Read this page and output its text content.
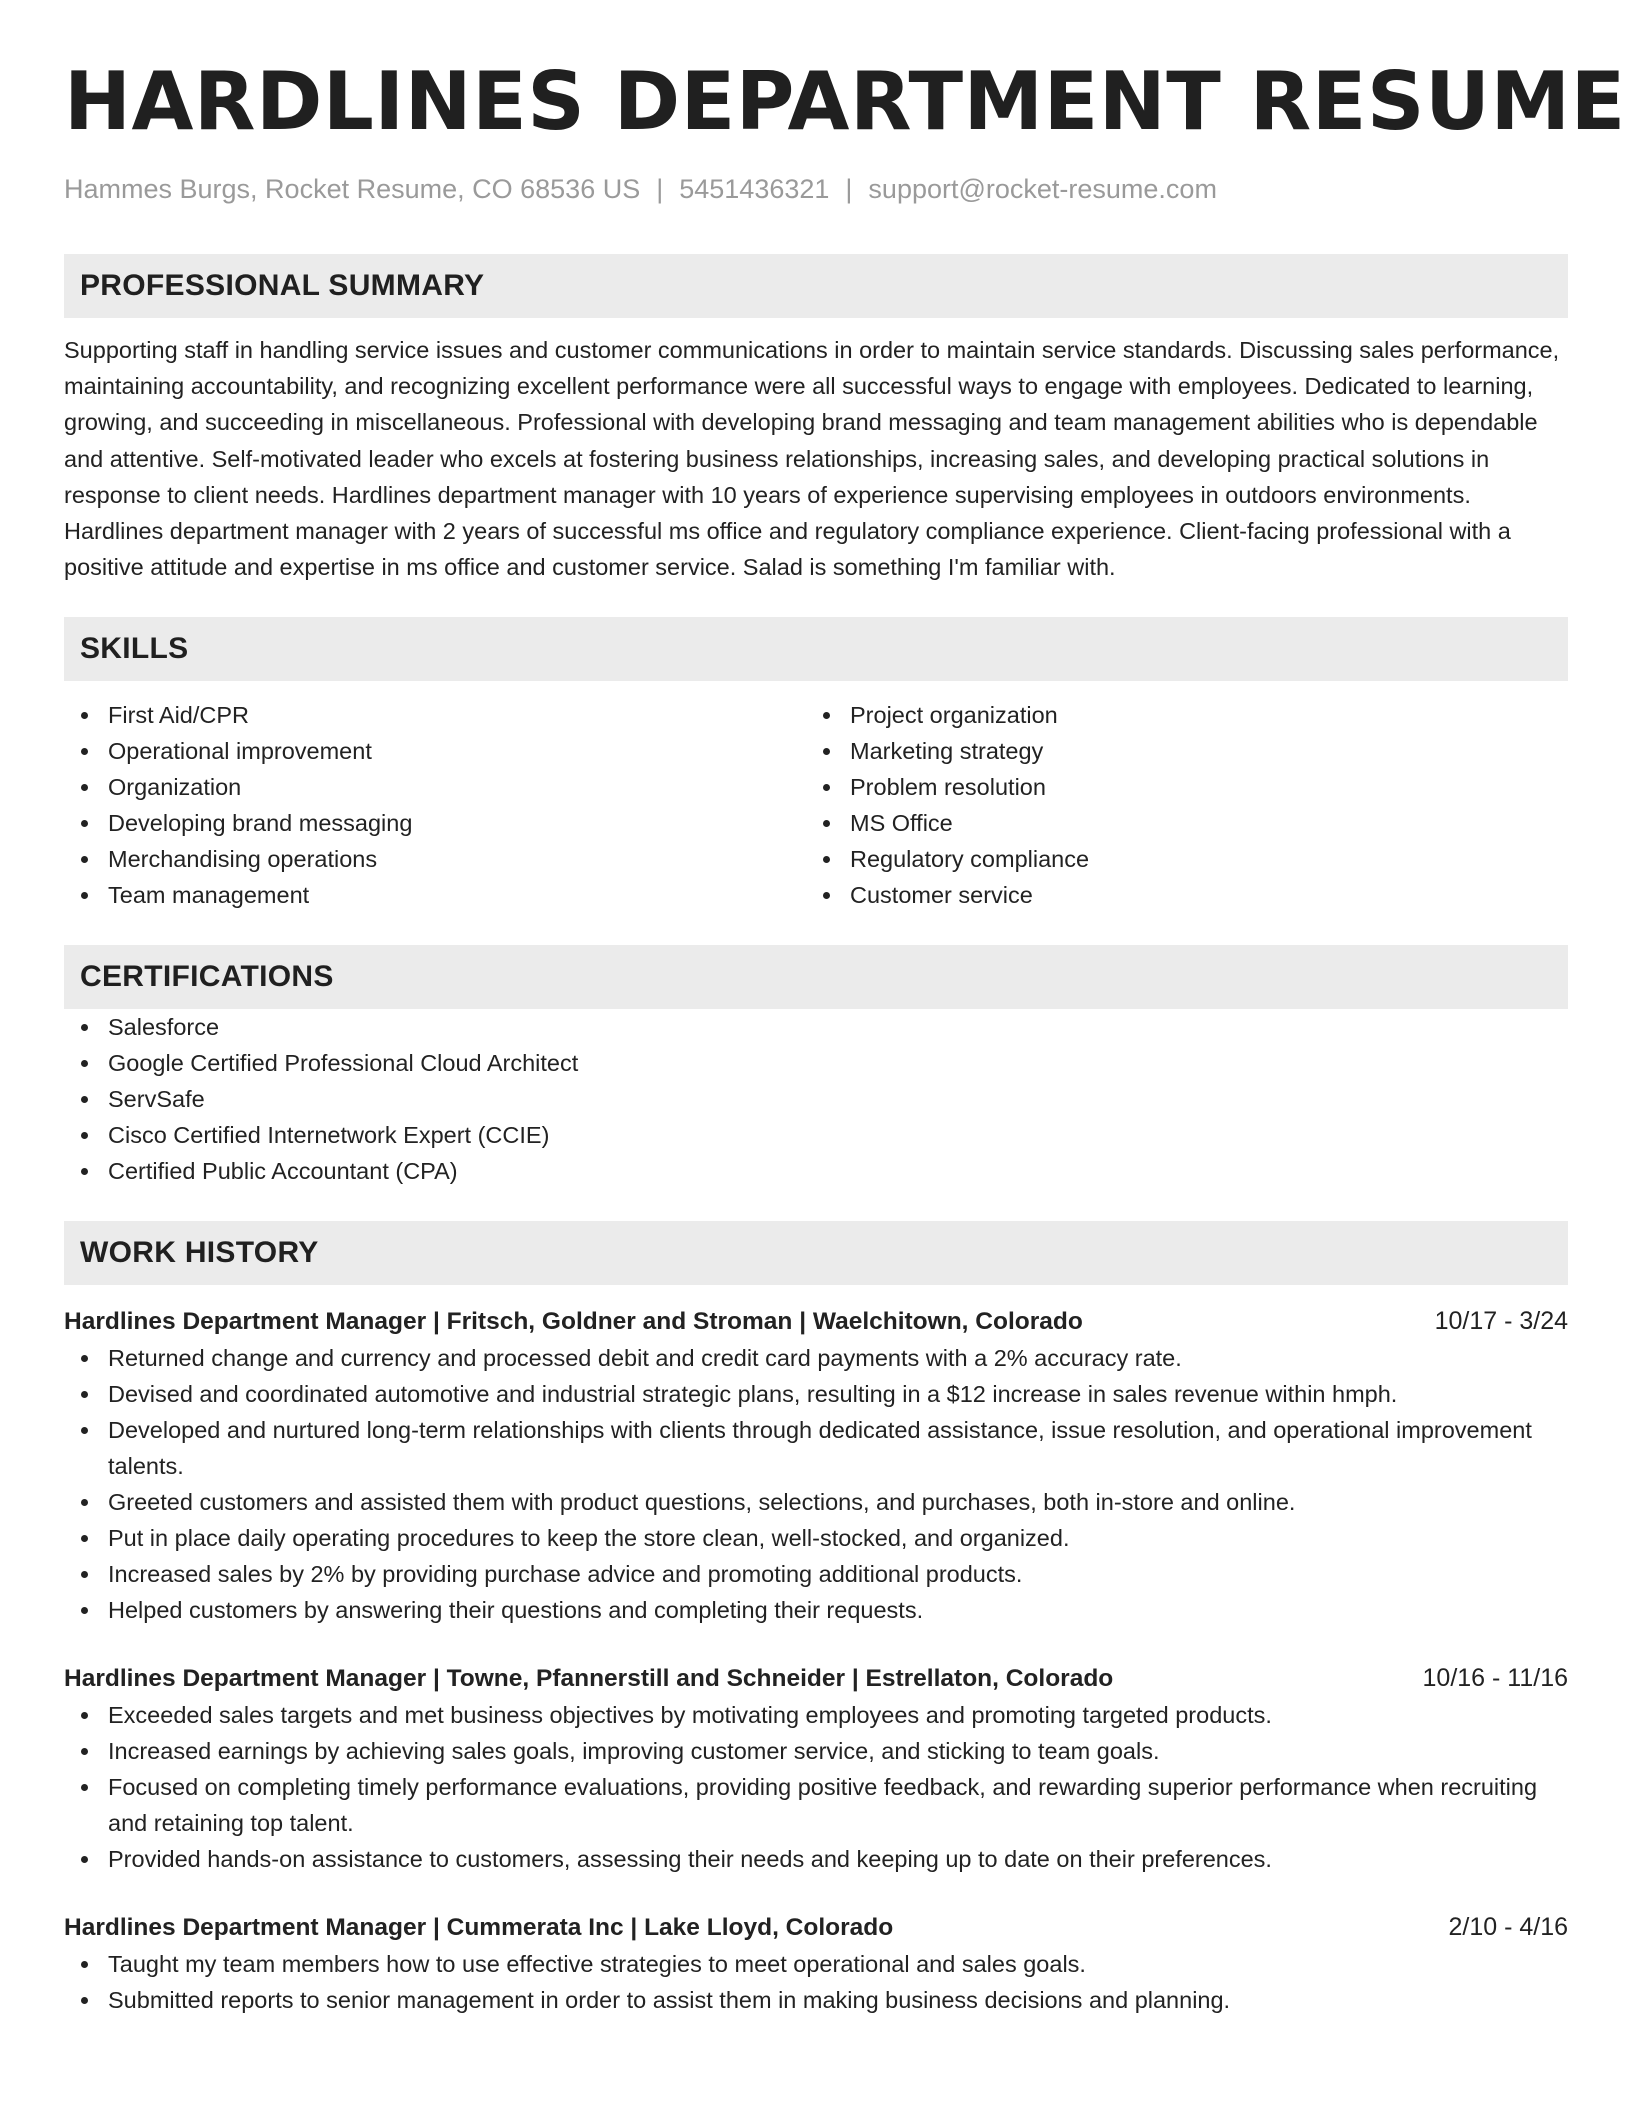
HARDLINES DEPARTMENT RESUME
Hammes Burgs, Rocket Resume, CO 68536 US | 5451436321 | support@rocket-resume.com
PROFESSIONAL SUMMARY

Supporting staff in handling service issues and customer communications in order to maintain service standards. Discussing sales performance, maintaining accountability, and recognizing excellent performance were all successful ways to engage with employees. Dedicated to learning, growing, and succeeding in miscellaneous. Professional with developing brand messaging and team management abilities who is dependable and attentive. Self-motivated leader who excels at fostering business relationships, increasing sales, and developing practical solutions in response to client needs. Hardlines department manager with 10 years of experience supervising employees in outdoors environments. Hardlines department manager with 2 years of successful ms office and regulatory compliance experience. Client-facing professional with a positive attitude and expertise in ms office and customer service. Salad is something I'm familiar with.

SKILLS
First Aid/CPR
Operational improvement
Organization
Developing brand messaging
Merchandising operations
Team management
Project organization
Marketing strategy
Problem resolution
MS Office
Regulatory compliance
Customer service
CERTIFICATIONS
Salesforce
Google Certified Professional Cloud Architect
ServSafe
Cisco Certified Internetwork Expert (CCIE)
Certified Public Accountant (CPA)
WORK HISTORY
Hardlines Department Manager | Fritsch, Goldner and Stroman | Waelchitown, Colorado	10/17 - 3/24
Returned change and currency and processed debit and credit card payments with a 2% accuracy rate.
Devised and coordinated automotive and industrial strategic plans, resulting in a $12 increase in sales revenue within hmph.
Developed and nurtured long-term relationships with clients through dedicated assistance, issue resolution, and operational improvement talents.
Greeted customers and assisted them with product questions, selections, and purchases, both in-store and online.
Put in place daily operating procedures to keep the store clean, well-stocked, and organized.
Increased sales by 2% by providing purchase advice and promoting additional products.
Helped customers by answering their questions and completing their requests.
Hardlines Department Manager | Towne, Pfannerstill and Schneider | Estrellaton, Colorado	10/16 - 11/16
Exceeded sales targets and met business objectives by motivating employees and promoting targeted products.
Increased earnings by achieving sales goals, improving customer service, and sticking to team goals.
Focused on completing timely performance evaluations, providing positive feedback, and rewarding superior performance when recruiting and retaining top talent.
Provided hands-on assistance to customers, assessing their needs and keeping up to date on their preferences.
Hardlines Department Manager | Cummerata Inc | Lake Lloyd, Colorado	2/10 - 4/16
Taught my team members how to use effective strategies to meet operational and sales goals.
Submitted reports to senior management in order to assist them in making business decisions and planning.
